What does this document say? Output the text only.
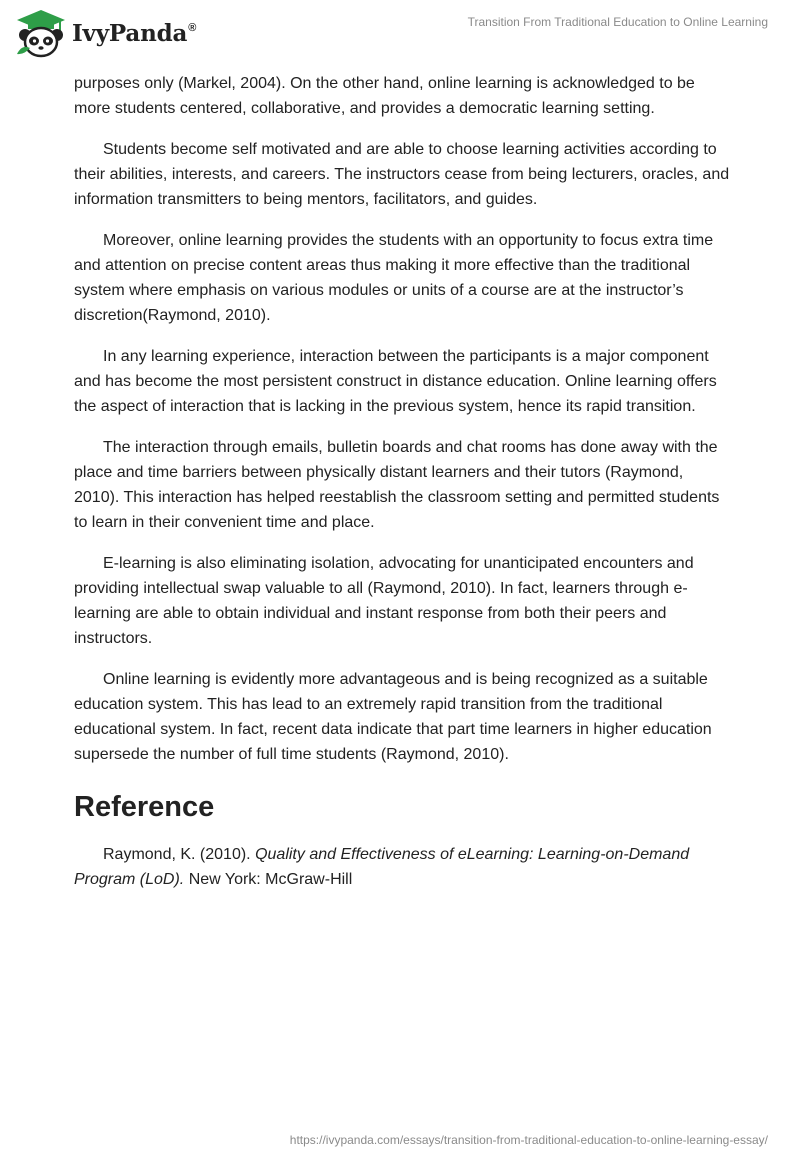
IvyPanda®	Transition From Traditional Education to Online Learning

purposes only (Markel, 2004). On the other hand, online learning is acknowledged to be more students centered, collaborative, and provides a democratic learning setting.

Students become self motivated and are able to choose learning activities according to their abilities, interests, and careers. The instructors cease from being lecturers, oracles, and information transmitters to being mentors, facilitators, and guides.

Moreover, online learning provides the students with an opportunity to focus extra time and attention on precise content areas thus making it more effective than the traditional system where emphasis on various modules or units of a course are at the instructor’s discretion(Raymond, 2010).

In any learning experience, interaction between the participants is a major component and has become the most persistent construct in distance education. Online learning offers the aspect of interaction that is lacking in the previous system, hence its rapid transition.

The interaction through emails, bulletin boards and chat rooms has done away with the place and time barriers between physically distant learners and their tutors (Raymond, 2010). This interaction has helped reestablish the classroom setting and permitted students to learn in their convenient time and place.

E-learning is also eliminating isolation, advocating for unanticipated encounters and providing intellectual swap valuable to all (Raymond, 2010). In fact, learners through e-learning are able to obtain individual and instant response from both their peers and instructors.

Online learning is evidently more advantageous and is being recognized as a suitable education system. This has lead to an extremely rapid transition from the traditional educational system. In fact, recent data indicate that part time learners in higher education supersede the number of full time students (Raymond, 2010).

Reference

Raymond, K. (2010). Quality and Effectiveness of eLearning: Learning-on-Demand Program (LoD). New York: McGraw-Hill

https://ivypanda.com/essays/transition-from-traditional-education-to-online-learning-essay/
